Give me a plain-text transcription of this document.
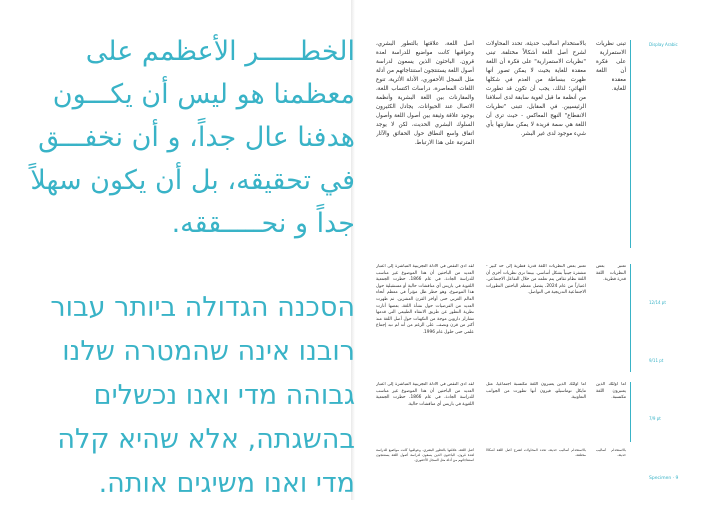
الخطـــــر الأعظمم على معظمنا هو ليس أن يكـــون هدفنا عال جداً، و أن نخفـــق في تحقيقه، بل أن يكون سهلاً جداً و نحـــــققه.
הסכנה הגדולה ביותר עבור רובנו אינה שהמטרה שלנו גבוהה מדי ואנו נכשלים בהשגתה, אלא שהיא קלה מדי ואנו משיגים אותה.

أصل اللغة، علاقتها بالتطور البشري، وعواقبها كانت مواضيع للدراسة لعدة قرون. الباحثون الذين يسعون لدراسة أصول اللغة يستنتجون استنتاجاتهم من أدلة مثل السجل الأحفوري، الأدلة الأثرية، تنوع اللغات المعاصرة، دراسات اكتساب اللغة، والمقارنات بين اللغة البشرية وأنظمة الاتصال عند الحيوانات. يجادل الكثيرون بوجود علاقة وثيقة بين أصول اللغة وأصول السلوك البشري الحديث، لكن لا يوجد اتفاق واسع النطاق حول الحقائق والآثار المترتبة على هذا الارتباط.

لقد أدى النقص في الأدلة التجريبية المباشرة إلى اعتبار العديد من الباحثين أن هذا الموضوع غير مناسب للدراسة الجادة. في عام 1866، حظرت الجمعية اللغوية في باريس أي مناقشات حالية أو مستقبلية حول هذا الموضوع، وهو حظر ظل مؤثراً في معظم أنحاء العالم الغربي حتى أواخر القرن العشرين. ثم ظهرت العديد من الفرضيات حول نشأة اللغة، بعضها أثارت نظرية التطور عن طريق الانتقاء الطبيعي التي قدمها تشارلز داروين موجة من التكهنات حول أصل اللغة منذ أكثر من قرن ونصف. على الرغم من أنه لم تبد إجماع علمي حتى حلول عام 1996.

لقد أدى النقص في الأدلة التجريبية المباشرة إلى اعتبار العديد من الباحثين أن هذا الموضوع غير مناسب للدراسة الجادة. في عام 1866، حظرت الجمعية اللغوية في باريس أي مناقشات حالية.

أصل اللغة، علاقتها بالتطور البشري، وعواقبها كانت مواضيع للدراسة لعدة قرون. الباحثون الذين يسعون لدراسة أصول اللغة يستنتجون استنتاجاتهم من أدلة مثل السجل الأحفوري.

بالاستخدام أساليب حديثة، تحدد المحاولات لشرح أصل اللغة أشكالاً مختلفة. تبنى "نظريات الاستمرارية" على فكرة أن اللغة معقدة للغاية بحيث لا يمكن تصور أنها ظهرت ببساطة من العدم في شكلها النهائي؛ لذلك، يجب أن تكون قد تطورت من أنظمة ما قبل لغوية سابقة لدى أسلافنا الرئيسيين. في المقابل، تتبنى "نظريات الانقطاع" النهج المعاكس - حيث ترى أن اللغة هي سمة فريدة لا يمكن مقارنتها بأي شيء موجود لدى غير البشر.

تعتبر بعض النظريات اللغة قدرة فطرية إلى حد كبير - مشفرة جينياً بشكل أساسي. بينما ترى نظريات أخرى أن اللغة نظام ثقافي يتم تعلمه من خلال التفاعل الاجتماعي. اعتباراً من عام 2024، يفضل معظم الباحثين التطورات الاجتماعية التدريجية في التواصل.

أما أولئك الذين يعتبرون اللغة مكتسبة اجتماعياً، مثل مايكل توماسيلو، فيرون أنها تطورت من الجوانب التعاونية.

بالاستخدام أساليب حديثة، تحدد المحاولات لشرح أصل اللغة أشكالاً مختلفة.

تبنى نظريات الاستمرارية على فكرة أن اللغة معقدة للغاية.

تعتبر بعض النظريات اللغة قدرة فطرية.

أما أولئك الذين يعتبرون اللغة مكتسبة.

بالاستخدام أساليب حديثة.

Display Arabic
12/14 pt
9/11 pt
7/9 pt
Specimen · 9
